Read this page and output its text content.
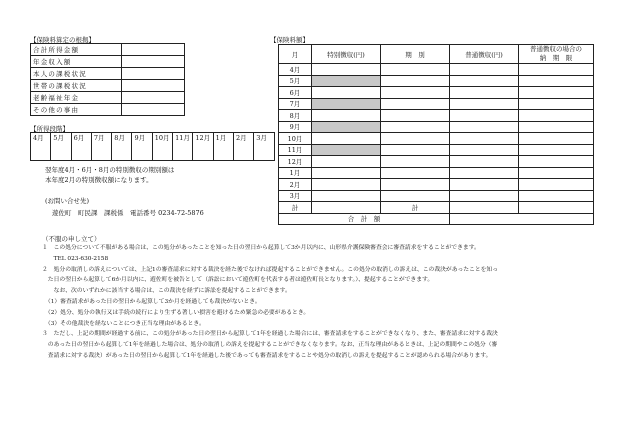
【保険料算定の根拠】
合計所得金額	
年金収入額	
本人の課税状況	
世帯の課税状況	
老齢福祉年金	
その他の事由	
【所得段階】
4月	5月	6月	7月	8月	9月	10月	11月	12月	1月	2月	3月
翌年度4月・6月・8月の特別徴収の期別額は
本年度2月の特別徴収額になります。
(お問い合せ先)
遊佐町　町民課　課税係　電話番号 0234-72-5876
【保険料額】
月	特別徴収(円)	期　別	普通徴収(円)	普通徴収の場合の
納　期　限

4月				
5月				
6月				
7月				
8月				
9月				
10月				
11月				
12月				
1月				
2月				
3月				
計		計		
合　計　額				
（不服の申し立て）

１　この処分について不服がある場合は、この処分があったことを知った日の翌日から起算して3か月以内に、山形県介護保険審査会に審査請求をすることができます。

　　TEL 023-630-2158

２　処分の取消しの訴えについては、上記1の審査請求に対する裁決を経た後でなければ提起することができません。この処分の取消しの訴えは、この裁決があったことを知っ

　た日の翌日から起算して6か月以内に、遊佐町を被告として（訴訟において遊佐町を代表する者は遊佐町長となります。）、提起することができます。

　　なお、次のいずれかに該当する場合は、この裁決を経ずに訴訟を提起することができます。

　（1）審査請求があった日の翌日から起算して3か月を経過しても裁決がないとき。

　（2）処分、処分の執行又は手続の続行により生ずる著しい損害を避けるため緊急の必要があるとき。

　（3）その他裁決を経ないことにつき正当な理由があるとき。

３　ただし、上記の期間が経過する前に、この処分があった日の翌日から起算して1年を経過した場合には、審査請求をすることができなくなり、また、審査請求に対する裁決

　のあった日の翌日から起算して1年を経過した場合は、処分の取消しの訴えを提起することができなくなります。なお、正当な理由があるときは、上記の期間やこの処分（審

　査請求に対する裁決）があった日の翌日から起算して1年を経過した後であっても審査請求をすることや処分の取消しの訴えを提起することが認められる場合があります。
